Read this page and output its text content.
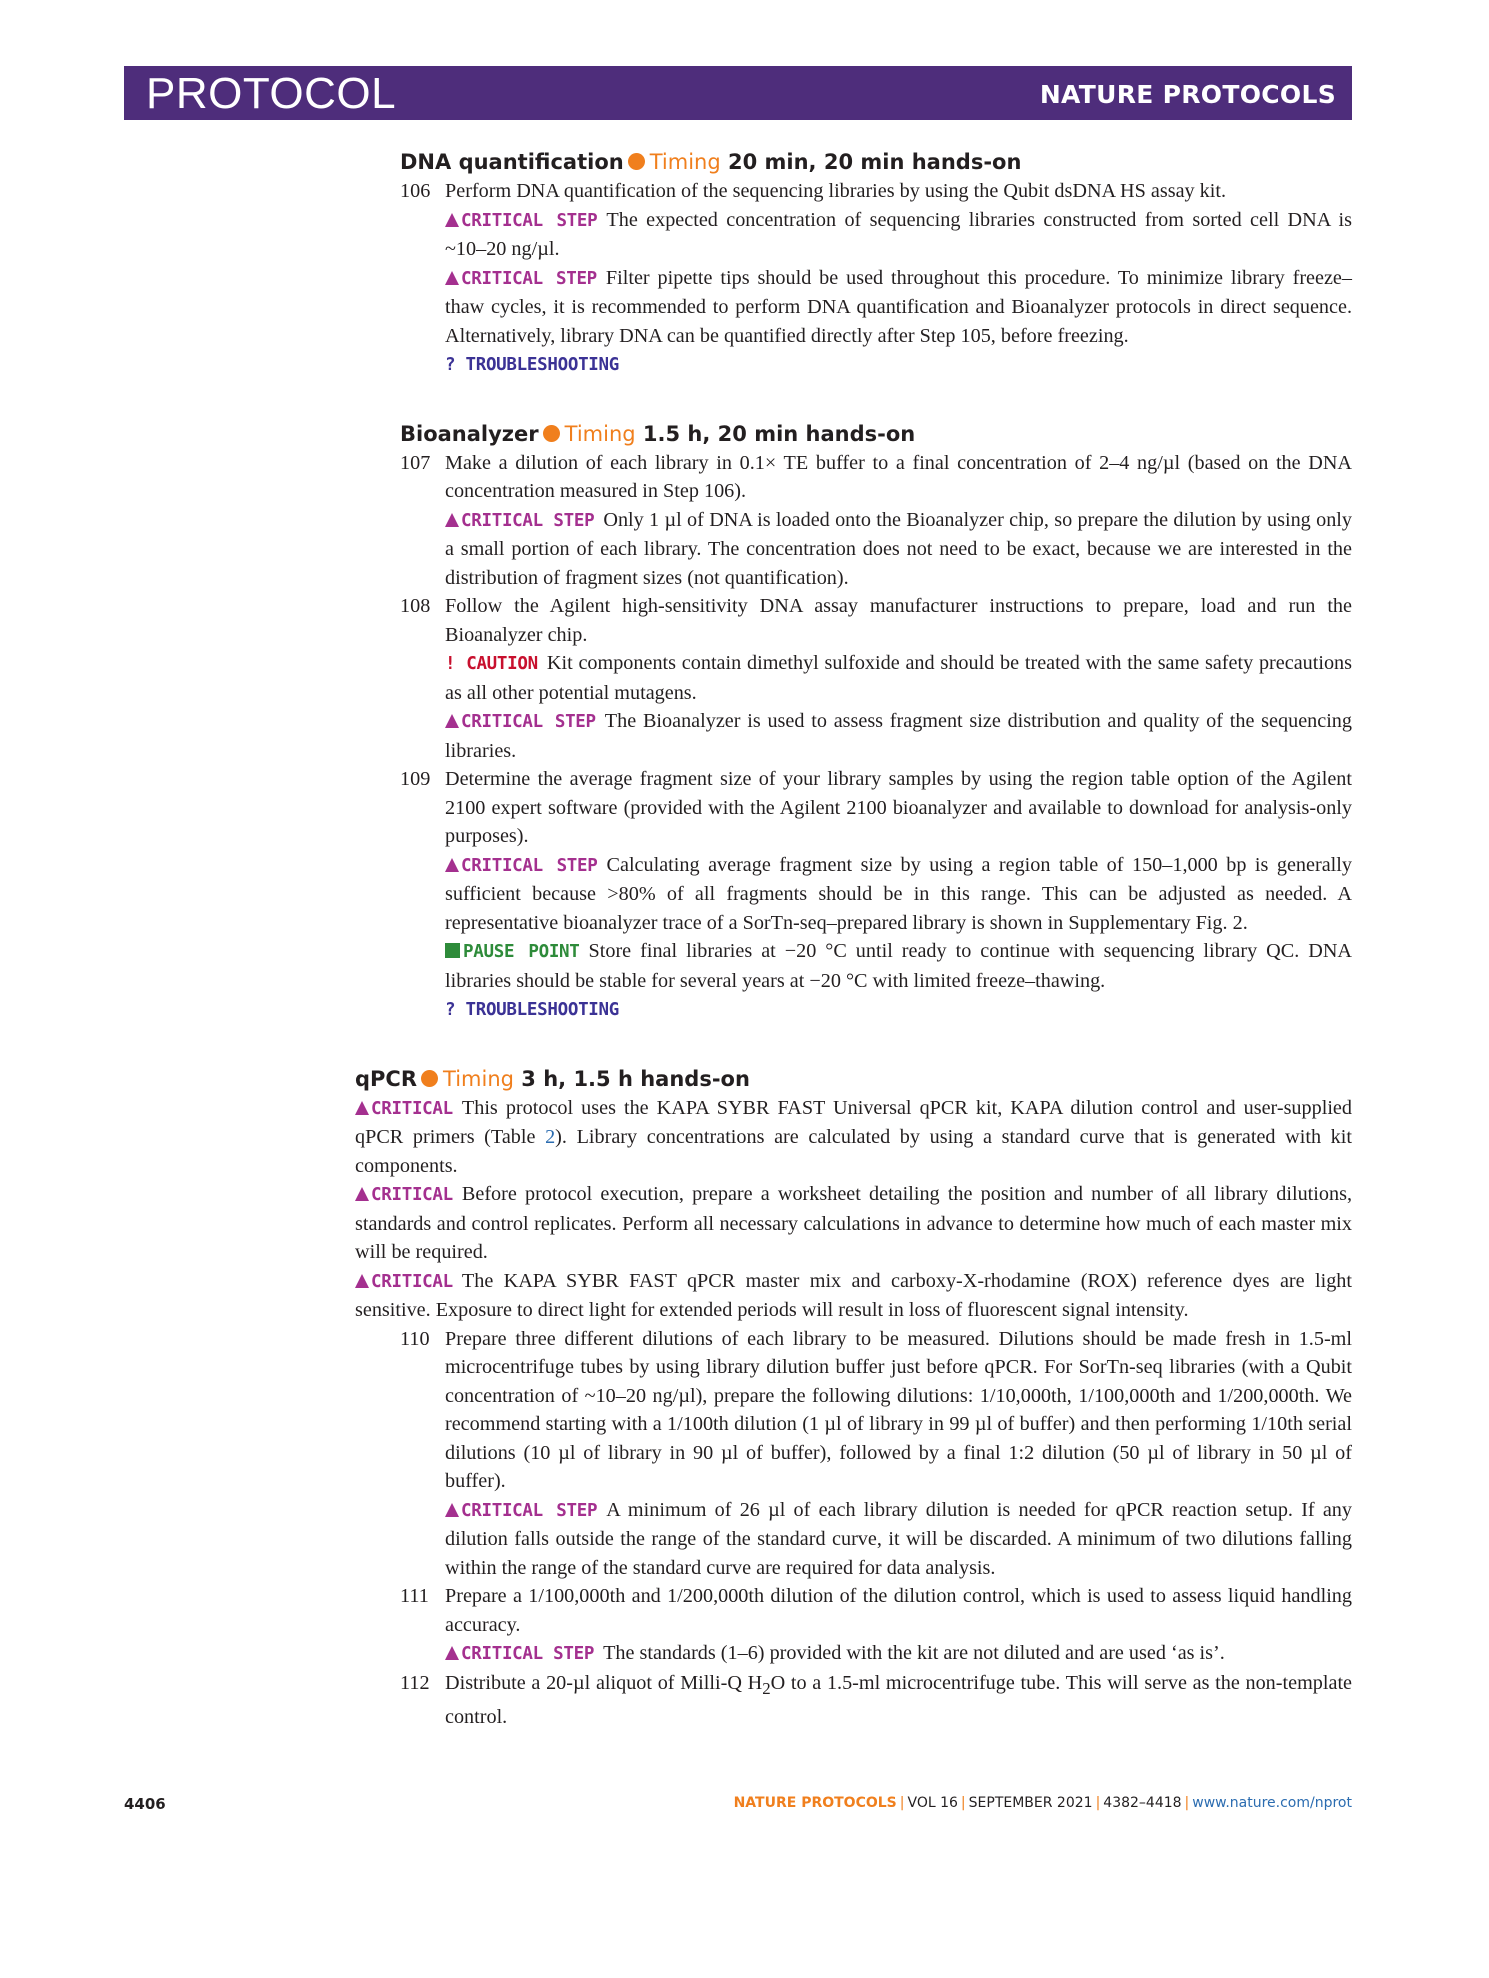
PROTOCOL	NATURE PROTOCOLS
DNA quantification Timing 20 min, 20 min hands-on

106 Perform DNA quantification of the sequencing libraries by using the Qubit dsDNA HS assay kit.

CRITICAL STEP The expected concentration of sequencing libraries constructed from sorted cell DNA is ~10–20 ng/µl.

CRITICAL STEP Filter pipette tips should be used throughout this procedure. To minimize library freeze–thaw cycles, it is recommended to perform DNA quantification and Bioanalyzer protocols in direct sequence. Alternatively, library DNA can be quantified directly after Step 105, before freezing.

? TROUBLESHOOTING

Bioanalyzer Timing 1.5 h, 20 min hands-on

107 Make a dilution of each library in 0.1× TE buffer to a final concentration of 2–4 ng/µl (based on the DNA concentration measured in Step 106).

CRITICAL STEP Only 1 µl of DNA is loaded onto the Bioanalyzer chip, so prepare the dilution by using only a small portion of each library. The concentration does not need to be exact, because we are interested in the distribution of fragment sizes (not quantification).

108 Follow the Agilent high-sensitivity DNA assay manufacturer instructions to prepare, load and run the Bioanalyzer chip.

! CAUTION Kit components contain dimethyl sulfoxide and should be treated with the same safety precautions as all other potential mutagens.

CRITICAL STEP The Bioanalyzer is used to assess fragment size distribution and quality of the sequencing libraries.

109 Determine the average fragment size of your library samples by using the region table option of the Agilent 2100 expert software (provided with the Agilent 2100 bioanalyzer and available to download for analysis-only purposes).

CRITICAL STEP Calculating average fragment size by using a region table of 150–1,000 bp is generally sufficient because >80% of all fragments should be in this range. This can be adjusted as needed. A representative bioanalyzer trace of a SorTn-seq–prepared library is shown in Supplementary Fig. 2.

PAUSE POINT Store final libraries at −20 °C until ready to continue with sequencing library QC. DNA libraries should be stable for several years at −20 °C with limited freeze–thawing.

? TROUBLESHOOTING

qPCR Timing 3 h, 1.5 h hands-on

CRITICAL This protocol uses the KAPA SYBR FAST Universal qPCR kit, KAPA dilution control and user-supplied qPCR primers (Table 2). Library concentrations are calculated by using a standard curve that is generated with kit components.

CRITICAL Before protocol execution, prepare a worksheet detailing the position and number of all library dilutions, standards and control replicates. Perform all necessary calculations in advance to determine how much of each master mix will be required.

CRITICAL The KAPA SYBR FAST qPCR master mix and carboxy-X-rhodamine (ROX) reference dyes are light sensitive. Exposure to direct light for extended periods will result in loss of fluorescent signal intensity.

110 Prepare three different dilutions of each library to be measured. Dilutions should be made fresh in 1.5-ml microcentrifuge tubes by using library dilution buffer just before qPCR. For SorTn-seq libraries (with a Qubit concentration of ~10–20 ng/µl), prepare the following dilutions: 1/10,000th, 1/100,000th and 1/200,000th. We recommend starting with a 1/100th dilution (1 µl of library in 99 µl of buffer) and then performing 1/10th serial dilutions (10 µl of library in 90 µl of buffer), followed by a final 1:2 dilution (50 µl of library in 50 µl of buffer).

CRITICAL STEP A minimum of 26 µl of each library dilution is needed for qPCR reaction setup. If any dilution falls outside the range of the standard curve, it will be discarded. A minimum of two dilutions falling within the range of the standard curve are required for data analysis.

111 Prepare a 1/100,000th and 1/200,000th dilution of the dilution control, which is used to assess liquid handling accuracy.

CRITICAL STEP The standards (1–6) provided with the kit are not diluted and are used ‘as is’.

112 Distribute a 20-µl aliquot of Milli-Q $H_2O$ to a 1.5-ml microcentrifuge tube. This will serve as the non-template control.

4406	NATURE PROTOCOLS | VOL 16 | SEPTEMBER 2021 | 4382–4418 | www.nature.com/nprot
